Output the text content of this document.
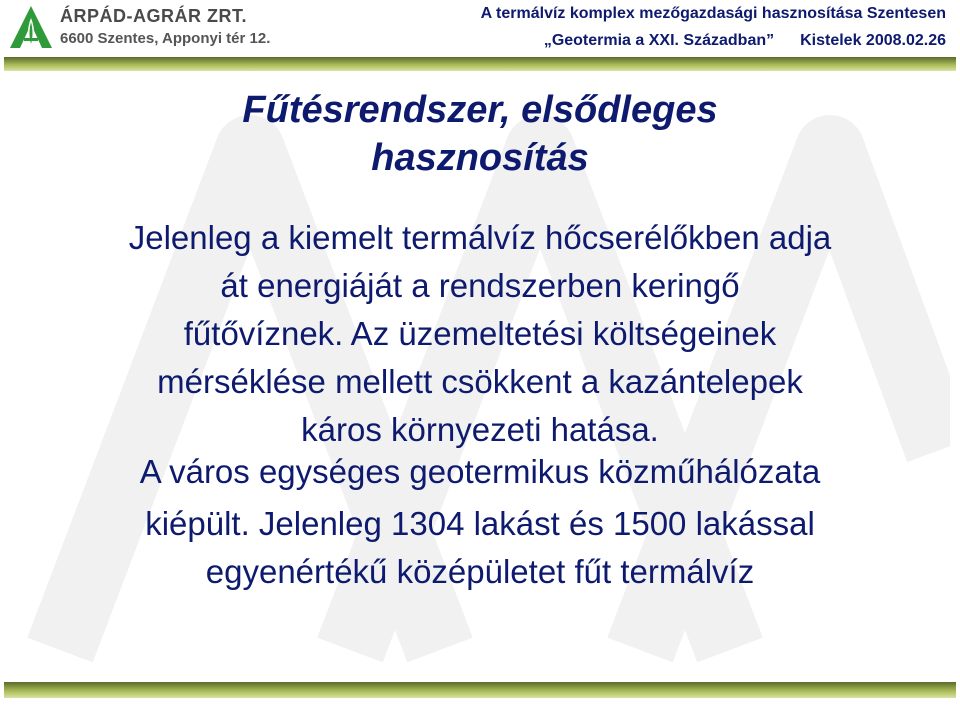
ÁRPÁD-AGRÁR ZRT.
6600 Szentes, Apponyi tér 12.
A termálvíz komplex mezőgazdasági hasznosítása Szentesen
„Geotermia a XXI. Században” Kistelek 2008.02.26
Fűtésrendszer, elsődleges
hasznosítás

Jelenleg a kiemelt termálvíz hőcserélőkben adja
át energiáját a rendszerben keringő
fűtővíznek. Az üzemeltetési költségeinek
mérséklése mellett csökkent a kazántelepek
káros környezeti hatása.

A város egységes geotermikus közműhálózata
kiépült. Jelenleg 1304 lakást és 1500 lakással
egyenértékű középületet fűt termálvíz
